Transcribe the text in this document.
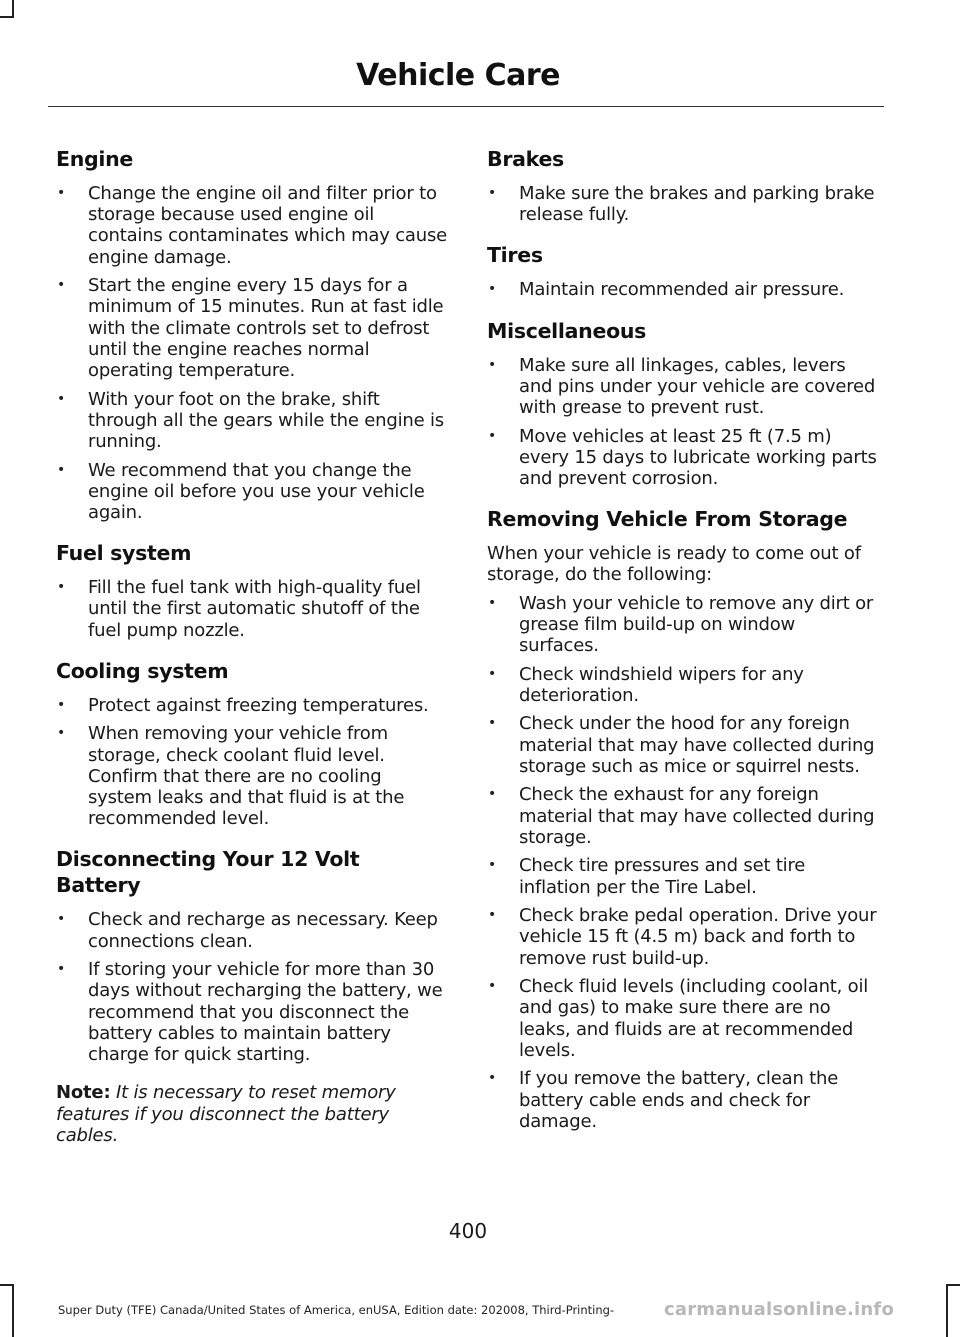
Vehicle Care
Engine
• Change the engine oil and filter prior to storage because used engine oil contains contaminates which may cause engine damage.
• Start the engine every 15 days for a minimum of 15 minutes. Run at fast idle with the climate controls set to defrost until the engine reaches normal operating temperature.
• With your foot on the brake, shift through all the gears while the engine is running.
• We recommend that you change the engine oil before you use your vehicle again.
Fuel system
• Fill the fuel tank with high-quality fuel until the first automatic shutoff of the fuel pump nozzle.
Cooling system
• Protect against freezing temperatures.
• When removing your vehicle from storage, check coolant fluid level. Confirm that there are no cooling system leaks and that fluid is at the recommended level.
Disconnecting Your 12 Volt Battery
• Check and recharge as necessary. Keep connections clean.
• If storing your vehicle for more than 30 days without recharging the battery, we recommend that you disconnect the battery cables to maintain battery charge for quick starting.
Note: It is necessary to reset memory features if you disconnect the battery cables.
Brakes
• Make sure the brakes and parking brake release fully.
Tires
• Maintain recommended air pressure.
Miscellaneous
• Make sure all linkages, cables, levers and pins under your vehicle are covered with grease to prevent rust.
• Move vehicles at least 25 ft (7.5 m) every 15 days to lubricate working parts and prevent corrosion.
Removing Vehicle From Storage

When your vehicle is ready to come out of storage, do the following:

• Wash your vehicle to remove any dirt or grease film build-up on window surfaces.
• Check windshield wipers for any deterioration.
• Check under the hood for any foreign material that may have collected during storage such as mice or squirrel nests.
• Check the exhaust for any foreign material that may have collected during storage.
• Check tire pressures and set tire inflation per the Tire Label.
• Check brake pedal operation. Drive your vehicle 15 ft (4.5 m) back and forth to remove rust build-up.
• Check fluid levels (including coolant, oil and gas) to make sure there are no leaks, and fluids are at recommended levels.
• If you remove the battery, clean the battery cable ends and check for damage.
400
Super Duty (TFE) Canada/United States of America, enUSA, Edition date: 202008, Third-Printing-	carmanualsonline.info
